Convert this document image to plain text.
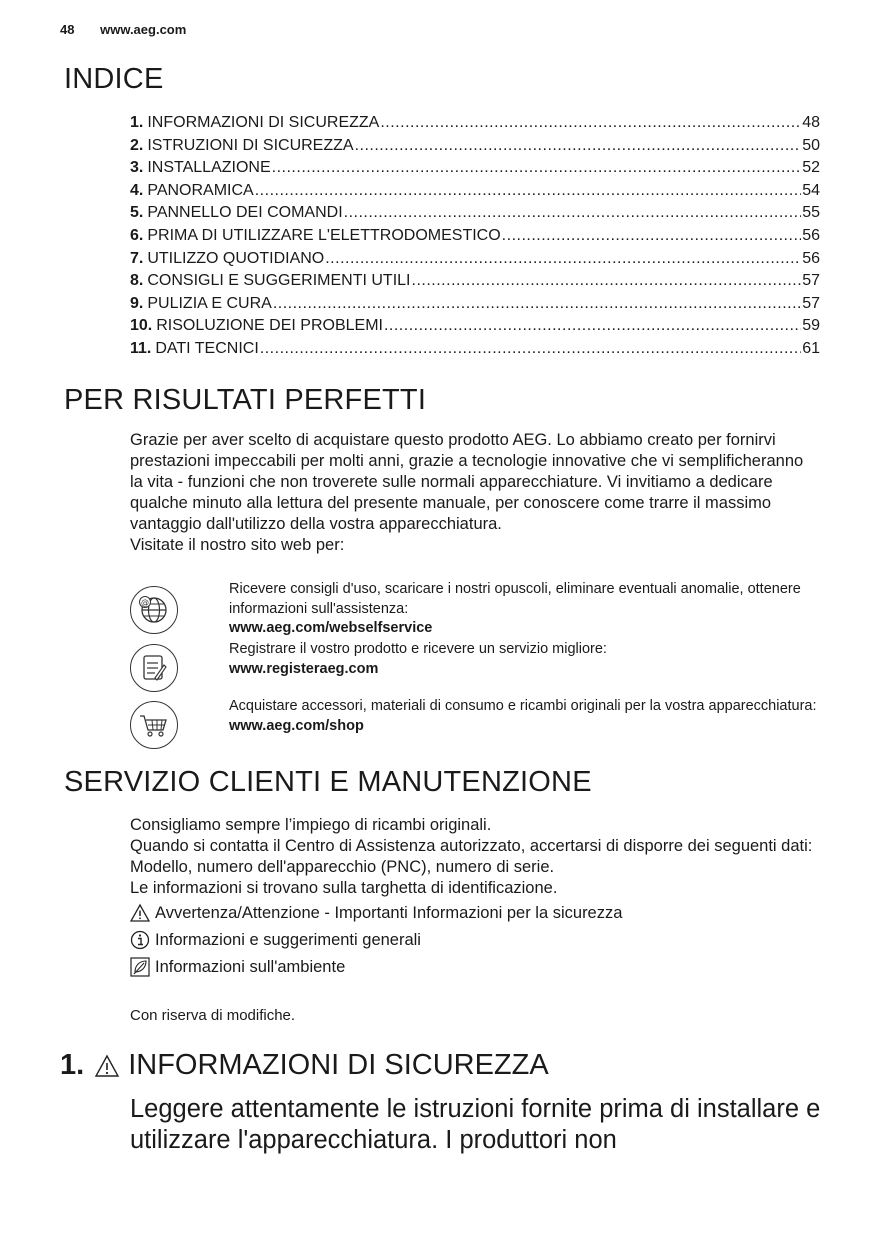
48 www.aeg.com
INDICE
1. INFORMAZIONI DI SICUREZZA .....	48
2. ISTRUZIONI DI SICUREZZA .....	50
3. INSTALLAZIONE .....	52
4. PANORAMICA .....	54
5. PANNELLO DEI COMANDI .....	55
6. PRIMA DI UTILIZZARE L'ELETTRODOMESTICO .....	56
7. UTILIZZO QUOTIDIANO .....	56
8. CONSIGLI E SUGGERIMENTI UTILI .....	57
9. PULIZIA E CURA .....	57
10. RISOLUZIONE DEI PROBLEMI .....	59
11. DATI TECNICI .....	61
PER RISULTATI PERFETTI

Grazie per aver scelto di acquistare questo prodotto AEG. Lo abbiamo creato per fornirvi prestazioni impeccabili per molti anni, grazie a tecnologie innovative che vi semplificheranno la vita - funzioni che non troverete sulle normali apparecchiature. Vi invitiamo a dedicare qualche minuto alla lettura del presente manuale, per conoscere come trarre il massimo vantaggio dall'utilizzo della vostra apparecchiatura.

Visitate il nostro sito web per:

@
Ricevere consigli d'uso, scaricare i nostri opuscoli, eliminare eventuali anomalie, ottenere informazioni sull'assistenza:
www.aeg.com/webselfservice
Registrare il vostro prodotto e ricevere un servizio migliore:
www.registeraeg.com
Acquistare accessori, materiali di consumo e ricambi originali per la vostra apparecchiatura:
www.aeg.com/shop
SERVIZIO CLIENTI E MANUTENZIONE

Consigliamo sempre l’impiego di ricambi originali.

Quando si contatta il Centro di Assistenza autorizzato, accertarsi di disporre dei seguenti dati: Modello, numero dell'apparecchio (PNC), numero di serie.

Le informazioni si trovano sulla targhetta di identificazione.

Avvertenza/Attenzione - Importanti Informazioni per la sicurezza
Informazioni e suggerimenti generali
Informazioni sull'ambiente
Con riserva di modifiche.
1. INFORMAZIONI DI SICUREZZA
Leggere attentamente le istruzioni fornite prima di installare e utilizzare l'apparecchiatura. I produttori non
